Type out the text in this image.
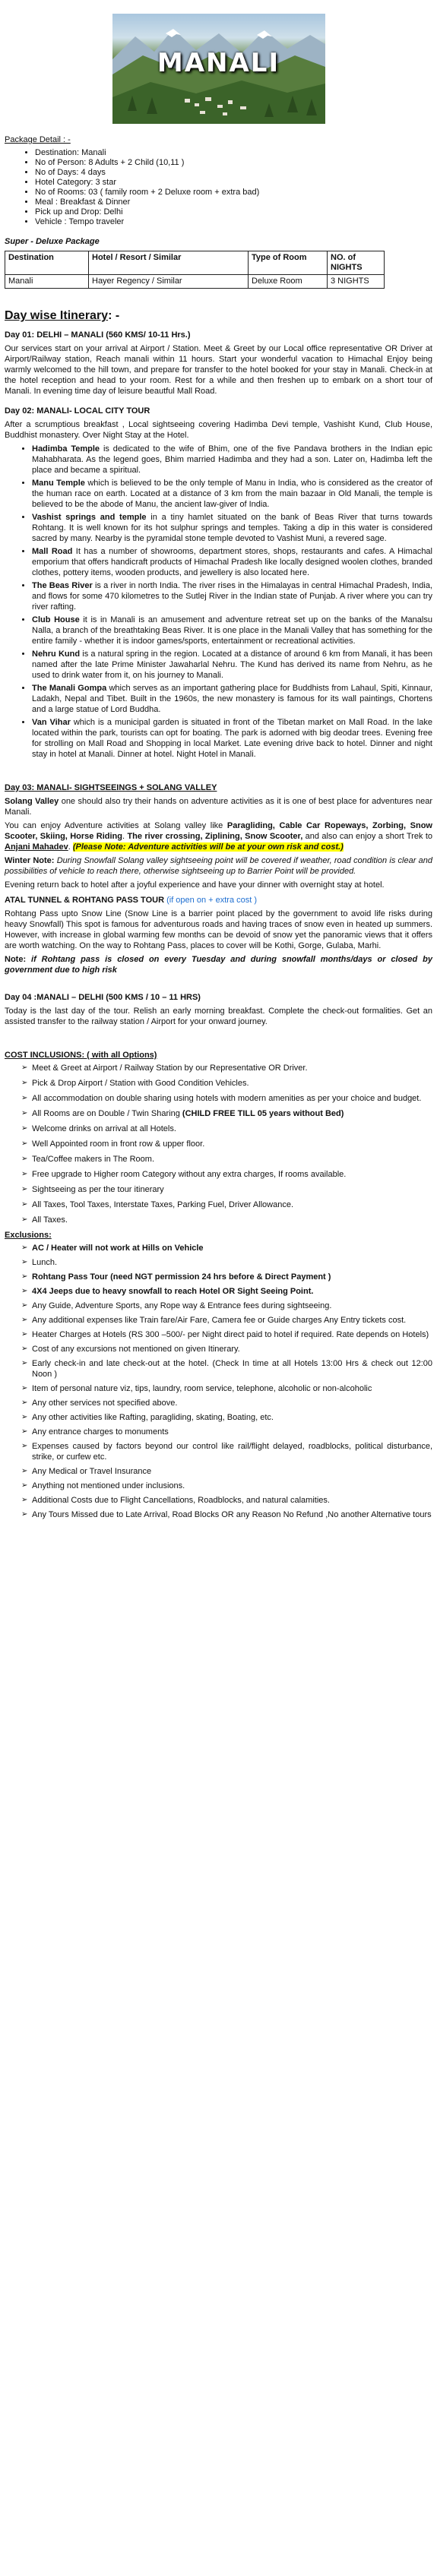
MANALI
Package Detail : -
• Destination: Manali
• No of Person: 8 Adults + 2 Child (10,11 )
• No of Days: 4 days
• Hotel Category: 3 star
• No of Rooms: 03 ( family room + 2 Deluxe room + extra bad)
• Meal : Breakfast & Dinner
• Pick up and Drop: Delhi
• Vehicle : Tempo traveler
Super - Deluxe Package
Destination	Hotel / Resort / Similar	Type of Room	NO. of NIGHTS
Manali	Hayer Regency / Similar	Deluxe Room	3 NIGHTS
Day wise Itinerary: -
Day 01: DELHI – MANALI (560 KMS/ 10-11 Hrs.)

Our services start on your arrival at Airport / Station. Meet & Greet by our Local office representative OR Driver at Airport/Railway station, Reach manali within 11 hours. Start your wonderful vacation to Himachal Enjoy being warmly welcomed to the hill town, and prepare for transfer to the hotel booked for your stay in Manali. Check-in at the hotel reception and head to your room. Rest for a while and then freshen up to embark on a short tour of Manali. In evening time day of leisure beautful Mall Road.

Day 02: MANALI- LOCAL CITY TOUR

After a scrumptious breakfast , Local sightseeing covering Hadimba Devi temple, Vashisht Kund, Club House, Buddhist monastery. Over Night Stay at the Hotel.

• Hadimba Temple is dedicated to the wife of Bhim, one of the five Pandava brothers in the Indian epic Mahabharata. As the legend goes, Bhim married Hadimba and they had a son. Later on, Hadimba left the place and became a spiritual.
• Manu Temple which is believed to be the only temple of Manu in India, who is considered as the creator of the human race on earth. Located at a distance of 3 km from the main bazaar in Old Manali, the temple is believed to be the abode of Manu, the ancient law-giver of India.
• Vashist springs and temple in a tiny hamlet situated on the bank of Beas River that turns towards Rohtang. It is well known for its hot sulphur springs and temples. Taking a dip in this water is considered sacred by many. Nearby is the pyramidal stone temple devoted to Vashist Muni, a revered sage.
• Mall Road It has a number of showrooms, department stores, shops, restaurants and cafes. A Himachal emporium that offers handicraft products of Himachal Pradesh like locally designed woolen clothes, branded clothes, pottery items, wooden products, and jewellery is also located here.
• The Beas River is a river in north India. The river rises in the Himalayas in central Himachal Pradesh, India, and flows for some 470 kilometres to the Sutlej River in the Indian state of Punjab. A river where you can try river rafting.
• Club House it is in Manali is an amusement and adventure retreat set up on the banks of the Manalsu Nalla, a branch of the breathtaking Beas River. It is one place in the Manali Valley that has something for the entire family - whether it is indoor games/sports, entertainment or recreational activities.
• Nehru Kund is a natural spring in the region. Located at a distance of around 6 km from Manali, it has been named after the late Prime Minister Jawaharlal Nehru. The Kund has derived its name from Nehru, as he used to drink water from it, on his journey to Manali.
• The Manali Gompa which serves as an important gathering place for Buddhists from Lahaul, Spiti, Kinnaur, Ladakh, Nepal and Tibet. Built in the 1960s, the new monastery is famous for its wall paintings, Chortens and a large statue of Lord Buddha.
• Van Vihar which is a municipal garden is situated in front of the Tibetan market on Mall Road. In the lake located within the park, tourists can opt for boating. The park is adorned with big deodar trees. Evening free for strolling on Mall Road and Shopping in local Market. Late evening drive back to hotel. Dinner and night stay in hotel at Manali. Dinner at hotel. Night Hotel in Manali.
Day 03: MANALI- SIGHTSEEINGS + SOLANG VALLEY

Solang Valley one should also try their hands on adventure activities as it is one of best place for adventures near Manali.

You can enjoy Adventure activities at Solang valley like Paragliding, Cable Car Ropeways, Zorbing, Snow Scooter, Skiing, Horse Riding. The river crossing, Ziplining, Snow Scooter, and also can enjoy a short Trek to Anjani Mahadev. (Please Note: Adventure activities will be at your own risk and cost.)

Winter Note: During Snowfall Solang valley sightseeing point will be covered if weather, road condition is clear and possibilities of vehicle to reach there, otherwise sightseeing up to Barrier Point will be provided.

Evening return back to hotel after a joyful experience and have your dinner with overnight stay at hotel.

ATAL TUNNEL & ROHTANG PASS TOUR (if open on + extra cost )

Rohtang Pass upto Snow Line (Snow Line is a barrier point placed by the government to avoid life risks during heavy Snowfall) This spot is famous for adventurous roads and having traces of snow even in heated up summers. However, with increase in global warming few months can be devoid of snow yet the panoramic views that it offers are worth watching. On the way to Rohtang Pass, places to cover will be Kothi, Gorge, Gulaba, Marhi.

Note: if Rohtang pass is closed on every Tuesday and during snowfall months/days or closed by government due to high risk

Day 04 :MANALI – DELHI (500 KMS / 10 – 11 HRS)

Today is the last day of the tour. Relish an early morning breakfast. Complete the check-out formalities. Get an assisted transfer to the railway station / Airport for your onward journey.

COST INCLUSIONS: ( with all Options)
➢ Meet & Greet at Airport / Railway Station by our Representative OR Driver.
➢ Pick & Drop Airport / Station with Good Condition Vehicles.
➢ All accommodation on double sharing using hotels with modern amenities as per your choice and budget.
➢ All Rooms are on Double / Twin Sharing (CHILD FREE TILL 05 years without Bed)
➢ Welcome drinks on arrival at all Hotels.
➢ Well Appointed room in front row & upper floor.
➢ Tea/Coffee makers in The Room.
➢ Free upgrade to Higher room Category without any extra charges, If rooms available.
➢ Sightseeing as per the tour itinerary
➢ All Taxes, Tool Taxes, Interstate Taxes, Parking Fuel, Driver Allowance.
➢ All Taxes.
Exclusions:
➢ AC / Heater will not work at Hills on Vehicle
➢ Lunch.
➢ Rohtang Pass Tour (need NGT permission 24 hrs before & Direct Payment )
➢ 4X4 Jeeps due to heavy snowfall to reach Hotel OR Sight Seeing Point.
➢ Any Guide, Adventure Sports, any Rope way & Entrance fees during sightseeing.
➢ Any additional expenses like Train fare/Air Fare, Camera fee or Guide charges Any Entry tickets cost.
➢ Heater Charges at Hotels (RS 300 –500/- per Night direct paid to hotel if required. Rate depends on Hotels)
➢ Cost of any excursions not mentioned on given Itinerary.
➢ Early check-in and late check-out at the hotel. (Check In time at all Hotels 13:00 Hrs & check out 12:00 Noon )
➢ Item of personal nature viz, tips, laundry, room service, telephone, alcoholic or non-alcoholic
➢ Any other services not specified above.
➢ Any other activities like Rafting, paragliding, skating, Boating, etc.
➢ Any entrance charges to monuments
➢ Expenses caused by factors beyond our control like rail/flight delayed, roadblocks, political disturbance, strike, or curfew etc.
➢ Any Medical or Travel Insurance
➢ Anything not mentioned under inclusions.
➢ Additional Costs due to Flight Cancellations, Roadblocks, and natural calamities.
➢ Any Tours Missed due to Late Arrival, Road Blocks OR any Reason No Refund ,No another Alternative tours
